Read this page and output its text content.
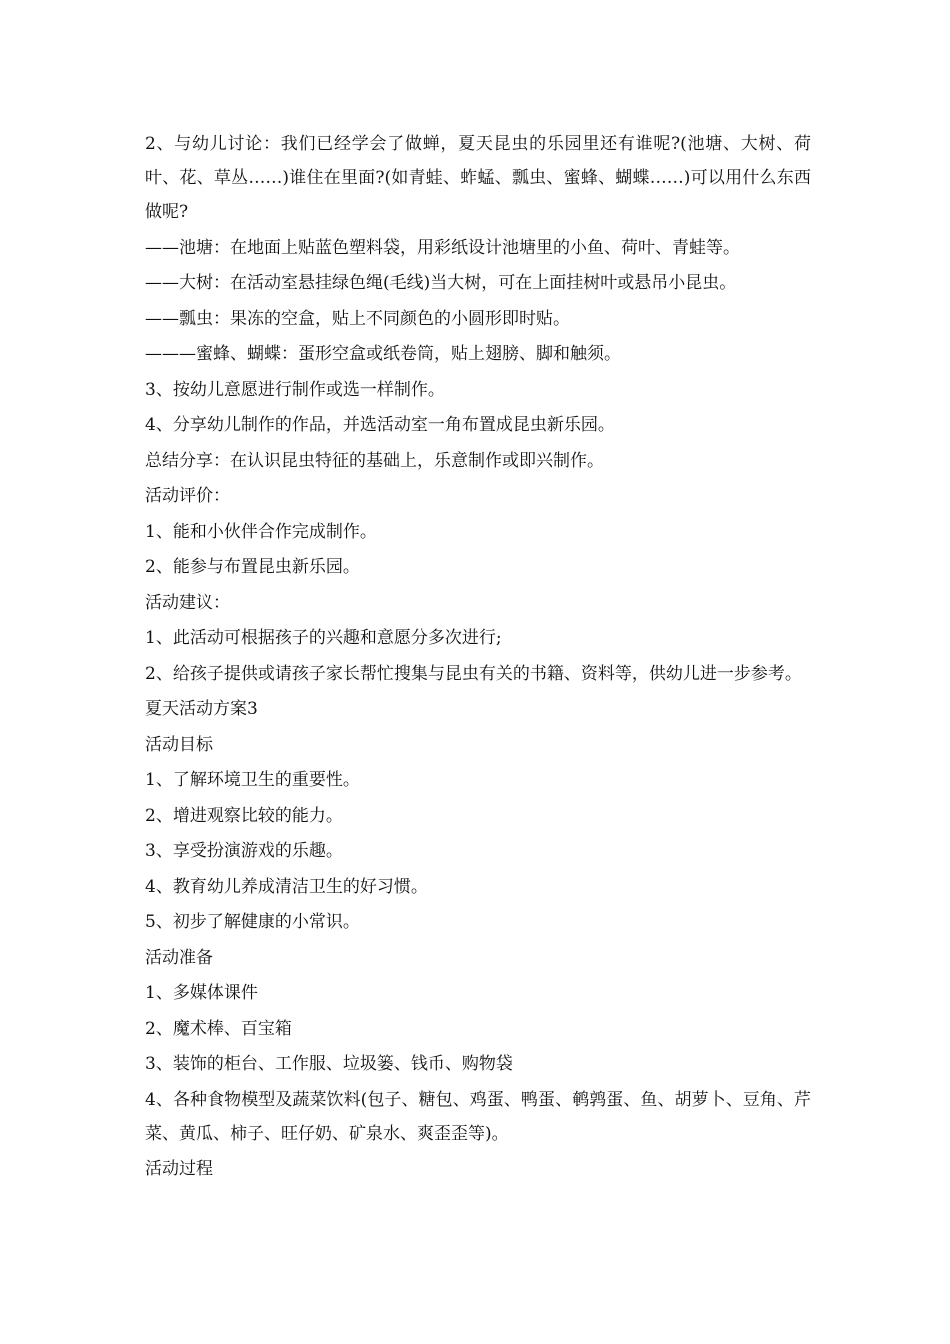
2、与幼儿讨论：我们已经学会了做蝉，夏天昆虫的乐园里还有谁呢?(池塘、大树、荷叶、花、草丛……)谁住在里面?(如青蛙、蚱蜢、瓢虫、蜜蜂、蝴蝶……)可以用什么东西做呢?

——池塘：在地面上贴蓝色塑料袋，用彩纸设计池塘里的小鱼、荷叶、青蛙等。

——大树：在活动室悬挂绿色绳(毛线)当大树，可在上面挂树叶或悬吊小昆虫。

——瓢虫：果冻的空盒，贴上不同颜色的小圆形即时贴。

———蜜蜂、蝴蝶：蛋形空盒或纸卷筒，贴上翅膀、脚和触须。

3、按幼儿意愿进行制作或选一样制作。

4、分享幼儿制作的作品，并选活动室一角布置成昆虫新乐园。

总结分享：在认识昆虫特征的基础上，乐意制作或即兴制作。

活动评价：

1、能和小伙伴合作完成制作。

2、能参与布置昆虫新乐园。

活动建议：

1、此活动可根据孩子的兴趣和意愿分多次进行;

2、给孩子提供或请孩子家长帮忙搜集与昆虫有关的书籍、资料等，供幼儿进一步参考。

夏天活动方案3

活动目标

1、了解环境卫生的重要性。

2、增进观察比较的能力。

3、享受扮演游戏的乐趣。

4、教育幼儿养成清洁卫生的好习惯。

5、初步了解健康的小常识。

活动准备

1、多媒体课件

2、魔术棒、百宝箱

3、装饰的柜台、工作服、垃圾篓、钱币、购物袋

4、各种食物模型及蔬菜饮料(包子、糖包、鸡蛋、鸭蛋、鹌鹑蛋、鱼、胡萝卜、豆角、芹菜、黄瓜、柿子、旺仔奶、矿泉水、爽歪歪等)。

活动过程
